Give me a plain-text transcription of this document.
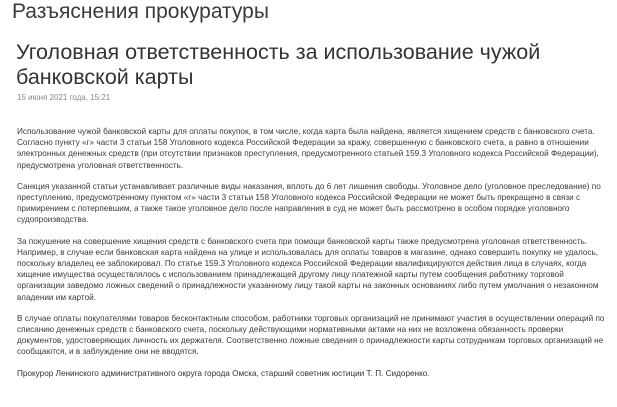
Разъяснения прокуратуры
Уголовная ответственность за использование чужой банковской карты
15 июня 2021 года, 15:21

Использование чужой банковской карты для оплаты покупок, в том числе, когда карта была найдена, является хищением средств с банковского счета. Согласно пункту «г» части 3 статьи 158 Уголовного кодекса Российской Федерации за кражу, совершенную с банковского счета, а равно в отношении электронных денежных средств (при отсутствии признаков преступления, предусмотренного статьей 159.3 Уголовного кодекса Российской Федерации), предусмотрена уголовная ответственность.

Санкция указанной статьи устанавливает различные виды наказания, вплоть до 6 лет лишения свободы. Уголовное дело (уголовное преследование) по преступлению, предусмотренному пунктом «г» части 3 статьи 158 Уголовного кодекса Российской Федерации не может быть прекращено в связи с примирением с потерпевшим, а также такое уголовное дело после направления в суд не может быть рассмотрено в особом порядке уголовного судопроизводства.

За покушение на совершение хищения средств с банковского счета при помощи банковской карты также предусмотрена уголовная ответственность. Например, в случае если банковская карта найдена на улице и использовалась для оплаты товаров в магазине, однако совершить покупку не удалось, поскольку владелец ее заблокировал. По статье 159.3 Уголовного кодекса Российской Федерации квалифицируются действия лица в случаях, когда хищение имущества осуществлялось с использованием принадлежащей другому лицу платежной карты путем сообщения работнику торговой организации заведомо ложных сведений о принадлежности указанному лицу такой карты на законных основаниях либо путем умолчания о незаконном владении им картой.

В случае оплаты покупателями товаров бесконтактным способом, работники торговых организаций не принимают участия в осуществлении операций по списанию денежных средств с банковского счета, поскольку действующими нормативными актами на них не возложена обязанность проверки документов, удостоверяющих личность их держателя. Соответственно ложные сведения о принадлежности карты сотрудникам торговых организаций не сообщаются, и в заблуждение они не вводятся.

Прокурор Ленинского административного округа города Омска, старший советник юстиции Т. П. Сидоренко.
